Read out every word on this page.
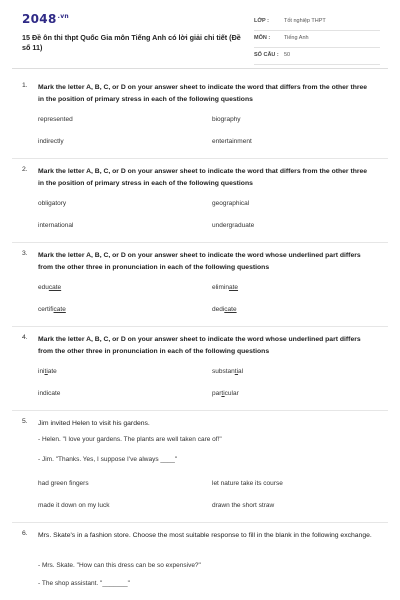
$2048^{.vn}$
15 Đề ôn thi thpt Quốc Gia môn Tiếng Anh có lời giải chi tiết (Đề số 11)
LỚP :	Tốt nghiệp THPT
MÔN :	Tiếng Anh
SỐ CÂU : 50
1. Mark the letter A, B, C, or D on your answer sheet to indicate the word that differs from the other three in the position of primary stress in each of the following questions
represented	biography
indirectly	entertainment
2. Mark the letter A, B, C, or D on your answer sheet to indicate the word that differs from the other three in the position of primary stress in each of the following questions
obligatory	geographical
international	undergraduate
3. Mark the letter A, B, C, or D on your answer sheet to indicate the word whose underlined part differs from the other three in pronunciation in each of the following questions
educate	eliminate
certificate	dedicate
4. Mark the letter A, B, C, or D on your answer sheet to indicate the word whose underlined part differs from the other three in pronunciation in each of the following questions
initiate	substantial
indicate	particular
5. Jim invited Helen to visit his gardens.
- Helen. "I love your gardens. The plants are well taken care of!"
- Jim. "Thanks. Yes, I suppose I've always ____"
had green fingers	let nature take its course
made it down on my luck	drawn the short straw
6. Mrs. Skate's in a fashion store. Choose the most suitable response to fill in the blank in the following exchange.
- Mrs. Skate. "How can this dress can be so expensive?"
- The shop assistant. "_______"
